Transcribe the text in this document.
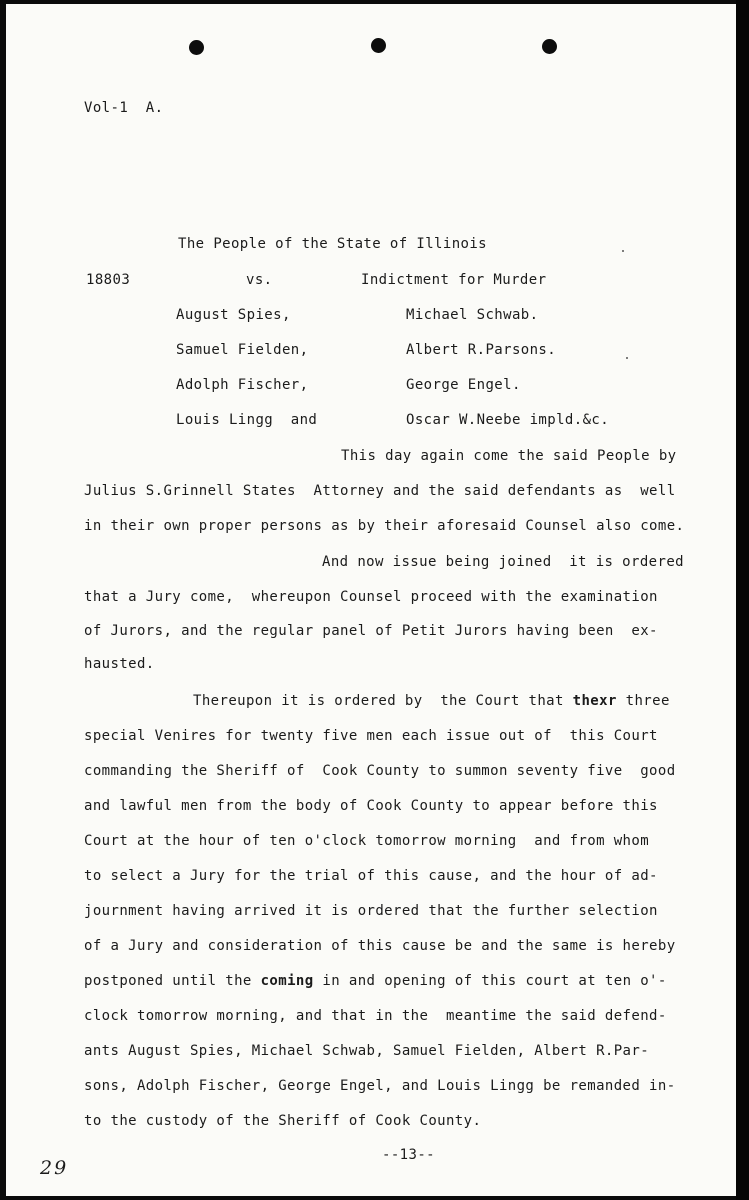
Vol-1  A.
The People of the State of Illinois
18803	vs.	Indictment for Murder
August Spies,
Samuel Fielden,
Adolph Fischer,
Louis Lingg  and
Michael Schwab.
Albert R.Parsons.
George Engel.
Oscar W.Neebe impld.&c.
This day again come the said People by
Julius S.Grinnell States  Attorney and the said defendants as  well
in their own proper persons as by their aforesaid Counsel also come.
And now issue being joined  it is ordered
that a Jury come,  whereupon Counsel proceed with the examination
of Jurors, and the regular panel of Petit Jurors having been  ex-
hausted.
Thereupon it is ordered by  the Court that thexr three
special Venires for twenty five men each issue out of  this Court
commanding the Sheriff of  Cook County to summon seventy five  good
and lawful men from the body of Cook County to appear before this
Court at the hour of ten o'clock tomorrow morning  and from whom
to select a Jury for the trial of this cause, and the hour of ad-
journment having arrived it is ordered that the further selection
of a Jury and consideration of this cause be and the same is hereby
postponed until the coming in and opening of this court at ten o'-
clock tomorrow morning, and that in the  meantime the said defend-
ants August Spies, Michael Schwab, Samuel Fielden, Albert R.Par-
sons, Adolph Fischer, George Engel, and Louis Lingg be remanded in-
to the custody of the Sheriff of Cook County.
--13--
29
